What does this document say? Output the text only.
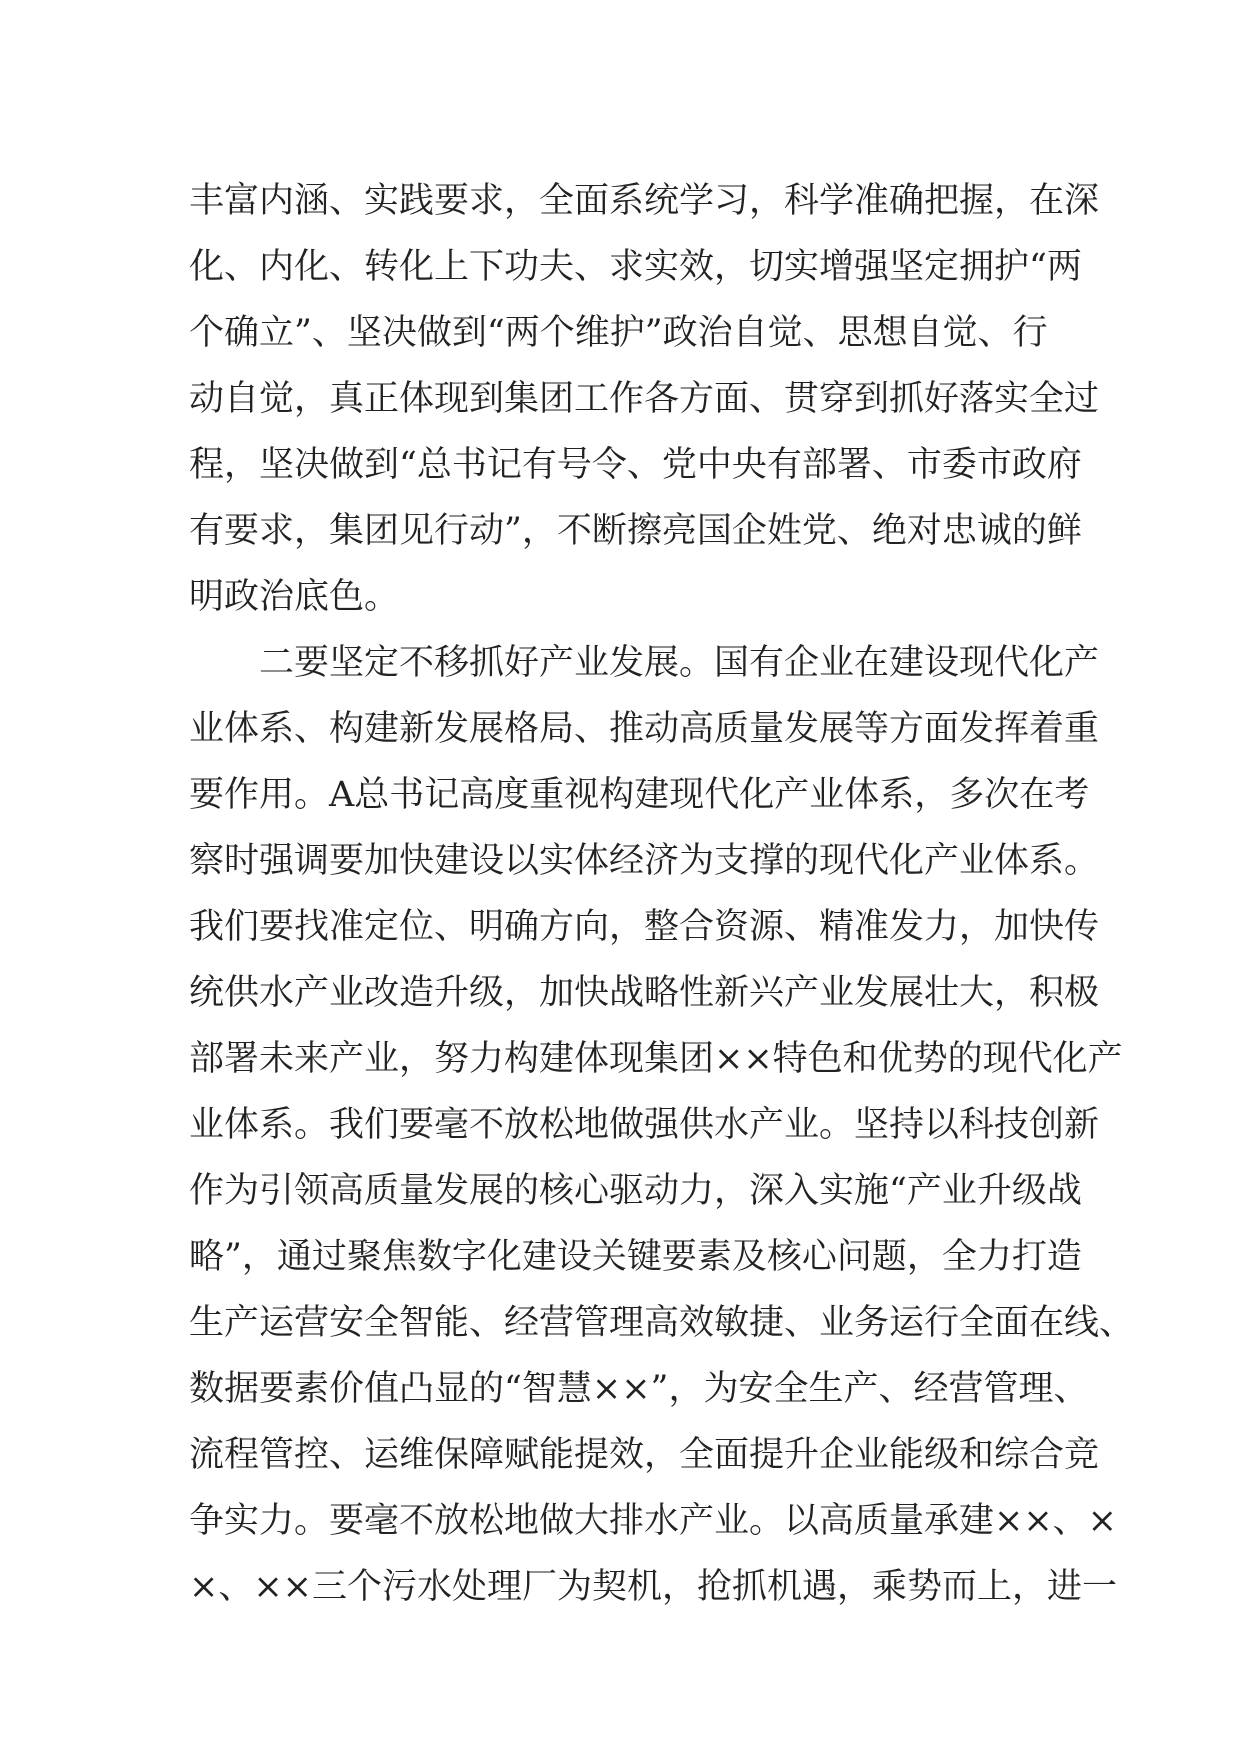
丰富内涵、实践要求，全面系统学习，科学准确把握，在深
化、内化、转化上下功夫、求实效，切实增强坚定拥护“两
个确立”、坚决做到“两个维护”政治自觉、思想自觉、行
动自觉，真正体现到集团工作各方面、贯穿到抓好落实全过
程，坚决做到“总书记有号令、党中央有部署、市委市政府
有要求，集团见行动”，不断擦亮国企姓党、绝对忠诚的鲜
明政治底色。
　　二要坚定不移抓好产业发展。国有企业在建设现代化产
业体系、构建新发展格局、推动高质量发展等方面发挥着重
要作用。A总书记高度重视构建现代化产业体系，多次在考
察时强调要加快建设以实体经济为支撑的现代化产业体系。
我们要找准定位、明确方向，整合资源、精准发力，加快传
统供水产业改造升级，加快战略性新兴产业发展壮大，积极
部署未来产业，努力构建体现集团××特色和优势的现代化产
业体系。我们要毫不放松地做强供水产业。坚持以科技创新
作为引领高质量发展的核心驱动力，深入实施“产业升级战
略”，通过聚焦数字化建设关键要素及核心问题，全力打造
生产运营安全智能、经营管理高效敏捷、业务运行全面在线、
数据要素价值凸显的“智慧××”，为安全生产、经营管理、
流程管控、运维保障赋能提效，全面提升企业能级和综合竞
争实力。要毫不放松地做大排水产业。以高质量承建××、×
×、××三个污水处理厂为契机，抢抓机遇，乘势而上，进一
